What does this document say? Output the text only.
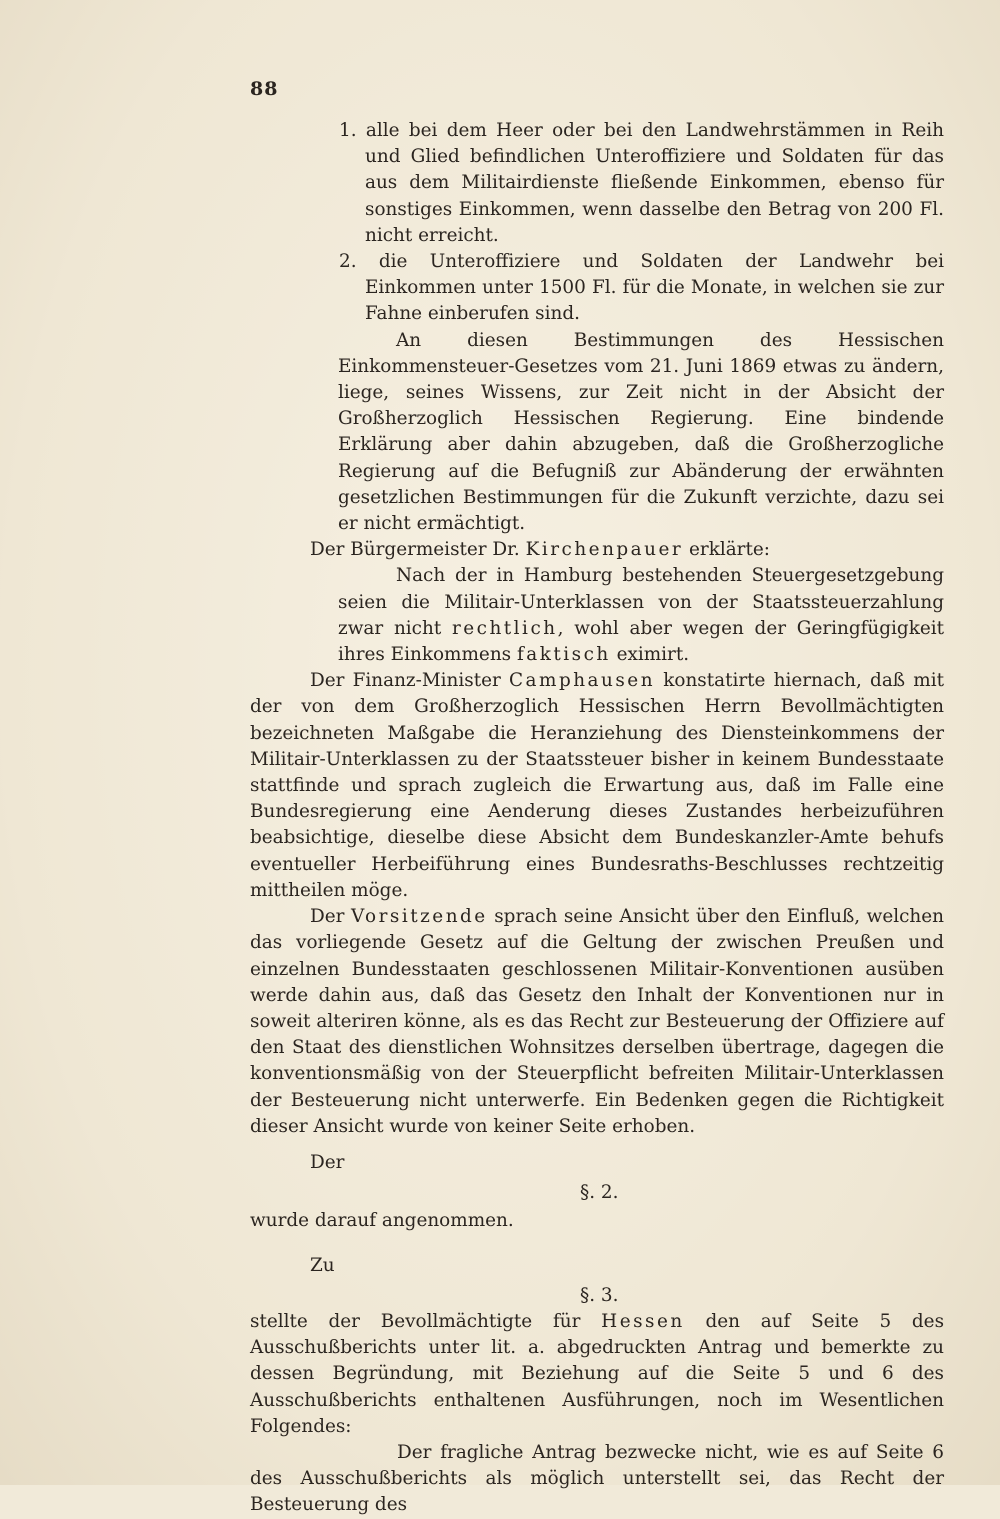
88

1. alle bei dem Heer oder bei den Landwehrstämmen in Reih und Glied befindlichen Unteroffiziere und Soldaten für das aus dem Militairdienste fließende Einkommen, ebenso für sonstiges Einkommen, wenn dasselbe den Betrag von 200 Fl. nicht erreicht.

2. die Unteroffiziere und Soldaten der Landwehr bei Einkommen unter 1500 Fl. für die Monate, in welchen sie zur Fahne einberufen sind.

An diesen Bestimmungen des Hessischen Einkommensteuer-Gesetzes vom 21. Juni 1869 etwas zu ändern, liege, seines Wissens, zur Zeit nicht in der Absicht der Großherzoglich Hessischen Regierung. Eine bindende Erklärung aber dahin abzugeben, daß die Großherzogliche Regierung auf die Befugniß zur Abänderung der erwähnten gesetzlichen Bestimmungen für die Zukunft verzichte, dazu sei er nicht ermächtigt.

Der Bürgermeister Dr. Kirchenpauer erklärte:

Nach der in Hamburg bestehenden Steuergesetzgebung seien die Militair-Unterklassen von der Staatssteuerzahlung zwar nicht rechtlich, wohl aber wegen der Geringfügigkeit ihres Einkommens faktisch eximirt.

Der Finanz-Minister Camphausen konstatirte hiernach, daß mit der von dem Großherzoglich Hessischen Herrn Bevollmächtigten bezeichneten Maßgabe die Heranziehung des Diensteinkommens der Militair-Unterklassen zu der Staatssteuer bisher in keinem Bundesstaate stattfinde und sprach zugleich die Erwartung aus, daß im Falle eine Bundesregierung eine Aenderung dieses Zustandes herbeizuführen beabsichtige, dieselbe diese Absicht dem Bundeskanzler-Amte behufs eventueller Herbeiführung eines Bundesraths-Beschlusses rechtzeitig mittheilen möge.

Der Vorsitzende sprach seine Ansicht über den Einfluß, welchen das vorliegende Gesetz auf die Geltung der zwischen Preußen und einzelnen Bundesstaaten geschlossenen Militair-Konventionen ausüben werde dahin aus, daß das Gesetz den Inhalt der Konventionen nur in soweit alteriren könne, als es das Recht zur Besteuerung der Offiziere auf den Staat des dienstlichen Wohnsitzes derselben übertrage, dagegen die konventionsmäßig von der Steuerpflicht befreiten Militair-Unterklassen der Besteuerung nicht unterwerfe. Ein Bedenken gegen die Richtigkeit dieser Ansicht wurde von keiner Seite erhoben.

Der

§. 2.

wurde darauf angenommen.

Zu

§. 3.

stellte der Bevollmächtigte für Hessen den auf Seite 5 des Ausschußberichts unter lit. a. abgedruckten Antrag und bemerkte zu dessen Begründung, mit Beziehung auf die Seite 5 und 6 des Ausschußberichts enthaltenen Ausführungen, noch im Wesentlichen Folgendes:

Der fragliche Antrag bezwecke nicht, wie es auf Seite 6 des Ausschußberichts als möglich unterstellt sei, das Recht der Besteuerung des
